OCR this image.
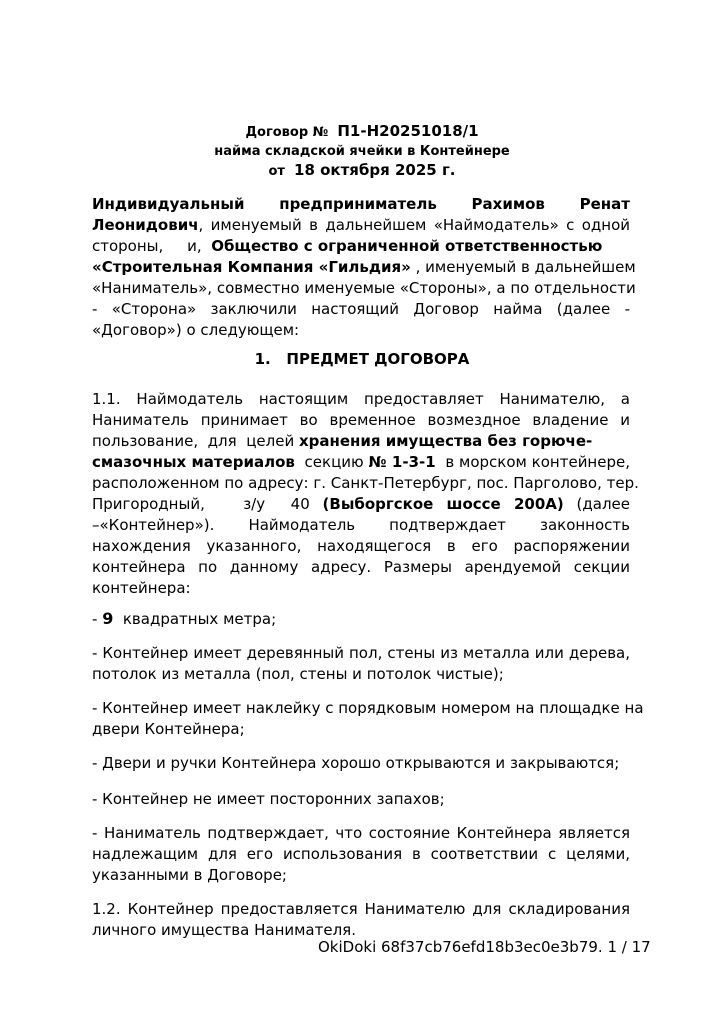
Договор № П1-Н20251018/1
найма складской ячейки в Контейнере
от 18 октября 2025 г.
Индивидуальный предприниматель Рахимов Ренат
Леонидович, именуемый в дальнейшем «Наймодатель» с одной
стороны, и, Общество с ограниченной ответственностью
«Строительная Компания «Гильдия» , именуемый в дальнейшем
«Наниматель», совместно именуемые «Стороны», а по отдельности
- «Сторона» заключили настоящий Договор найма (далее -
«Договор») о следующем:
1.   ПРЕДМЕТ ДОГОВОРА
1.1. Наймодатель настоящим предоставляет Нанимателю, а
Наниматель принимает во временное возмездное владение и
пользование,  для  целей хранения имущества без горюче-
смазочных материалов  секцию № 1-3-1  в морском контейнере,
расположенном по адресу: г. Санкт-Петербург, пос. Парголово, тер.
Пригородный,   з/у  40 (Выборгское шоссе 200А) (далее
–«Контейнер»). Наймодатель подтверждает законность
нахождения указанного, находящегося в его распоряжении
контейнера по данному адресу. Размеры арендуемой секции
контейнера:
- 9  квадратных метра;
- Контейнер имеет деревянный пол, стены из металла или дерева,
потолок из металла (пол, стены и потолок чистые);
- Контейнер имеет наклейку с порядковым номером на площадке на
двери Контейнера;
- Двери и ручки Контейнера хорошо открываются и закрываются;
- Контейнер не имеет посторонних запахов;
- Наниматель подтверждает, что состояние Контейнера является
надлежащим для его использования в соответствии с целями,
указанными в Договоре;
1.2. Контейнер предоставляется Нанимателю для складирования
личного имущества Нанимателя.
OkiDoki 68f37cb76efd18b3ec0e3b79. 1 / 17
